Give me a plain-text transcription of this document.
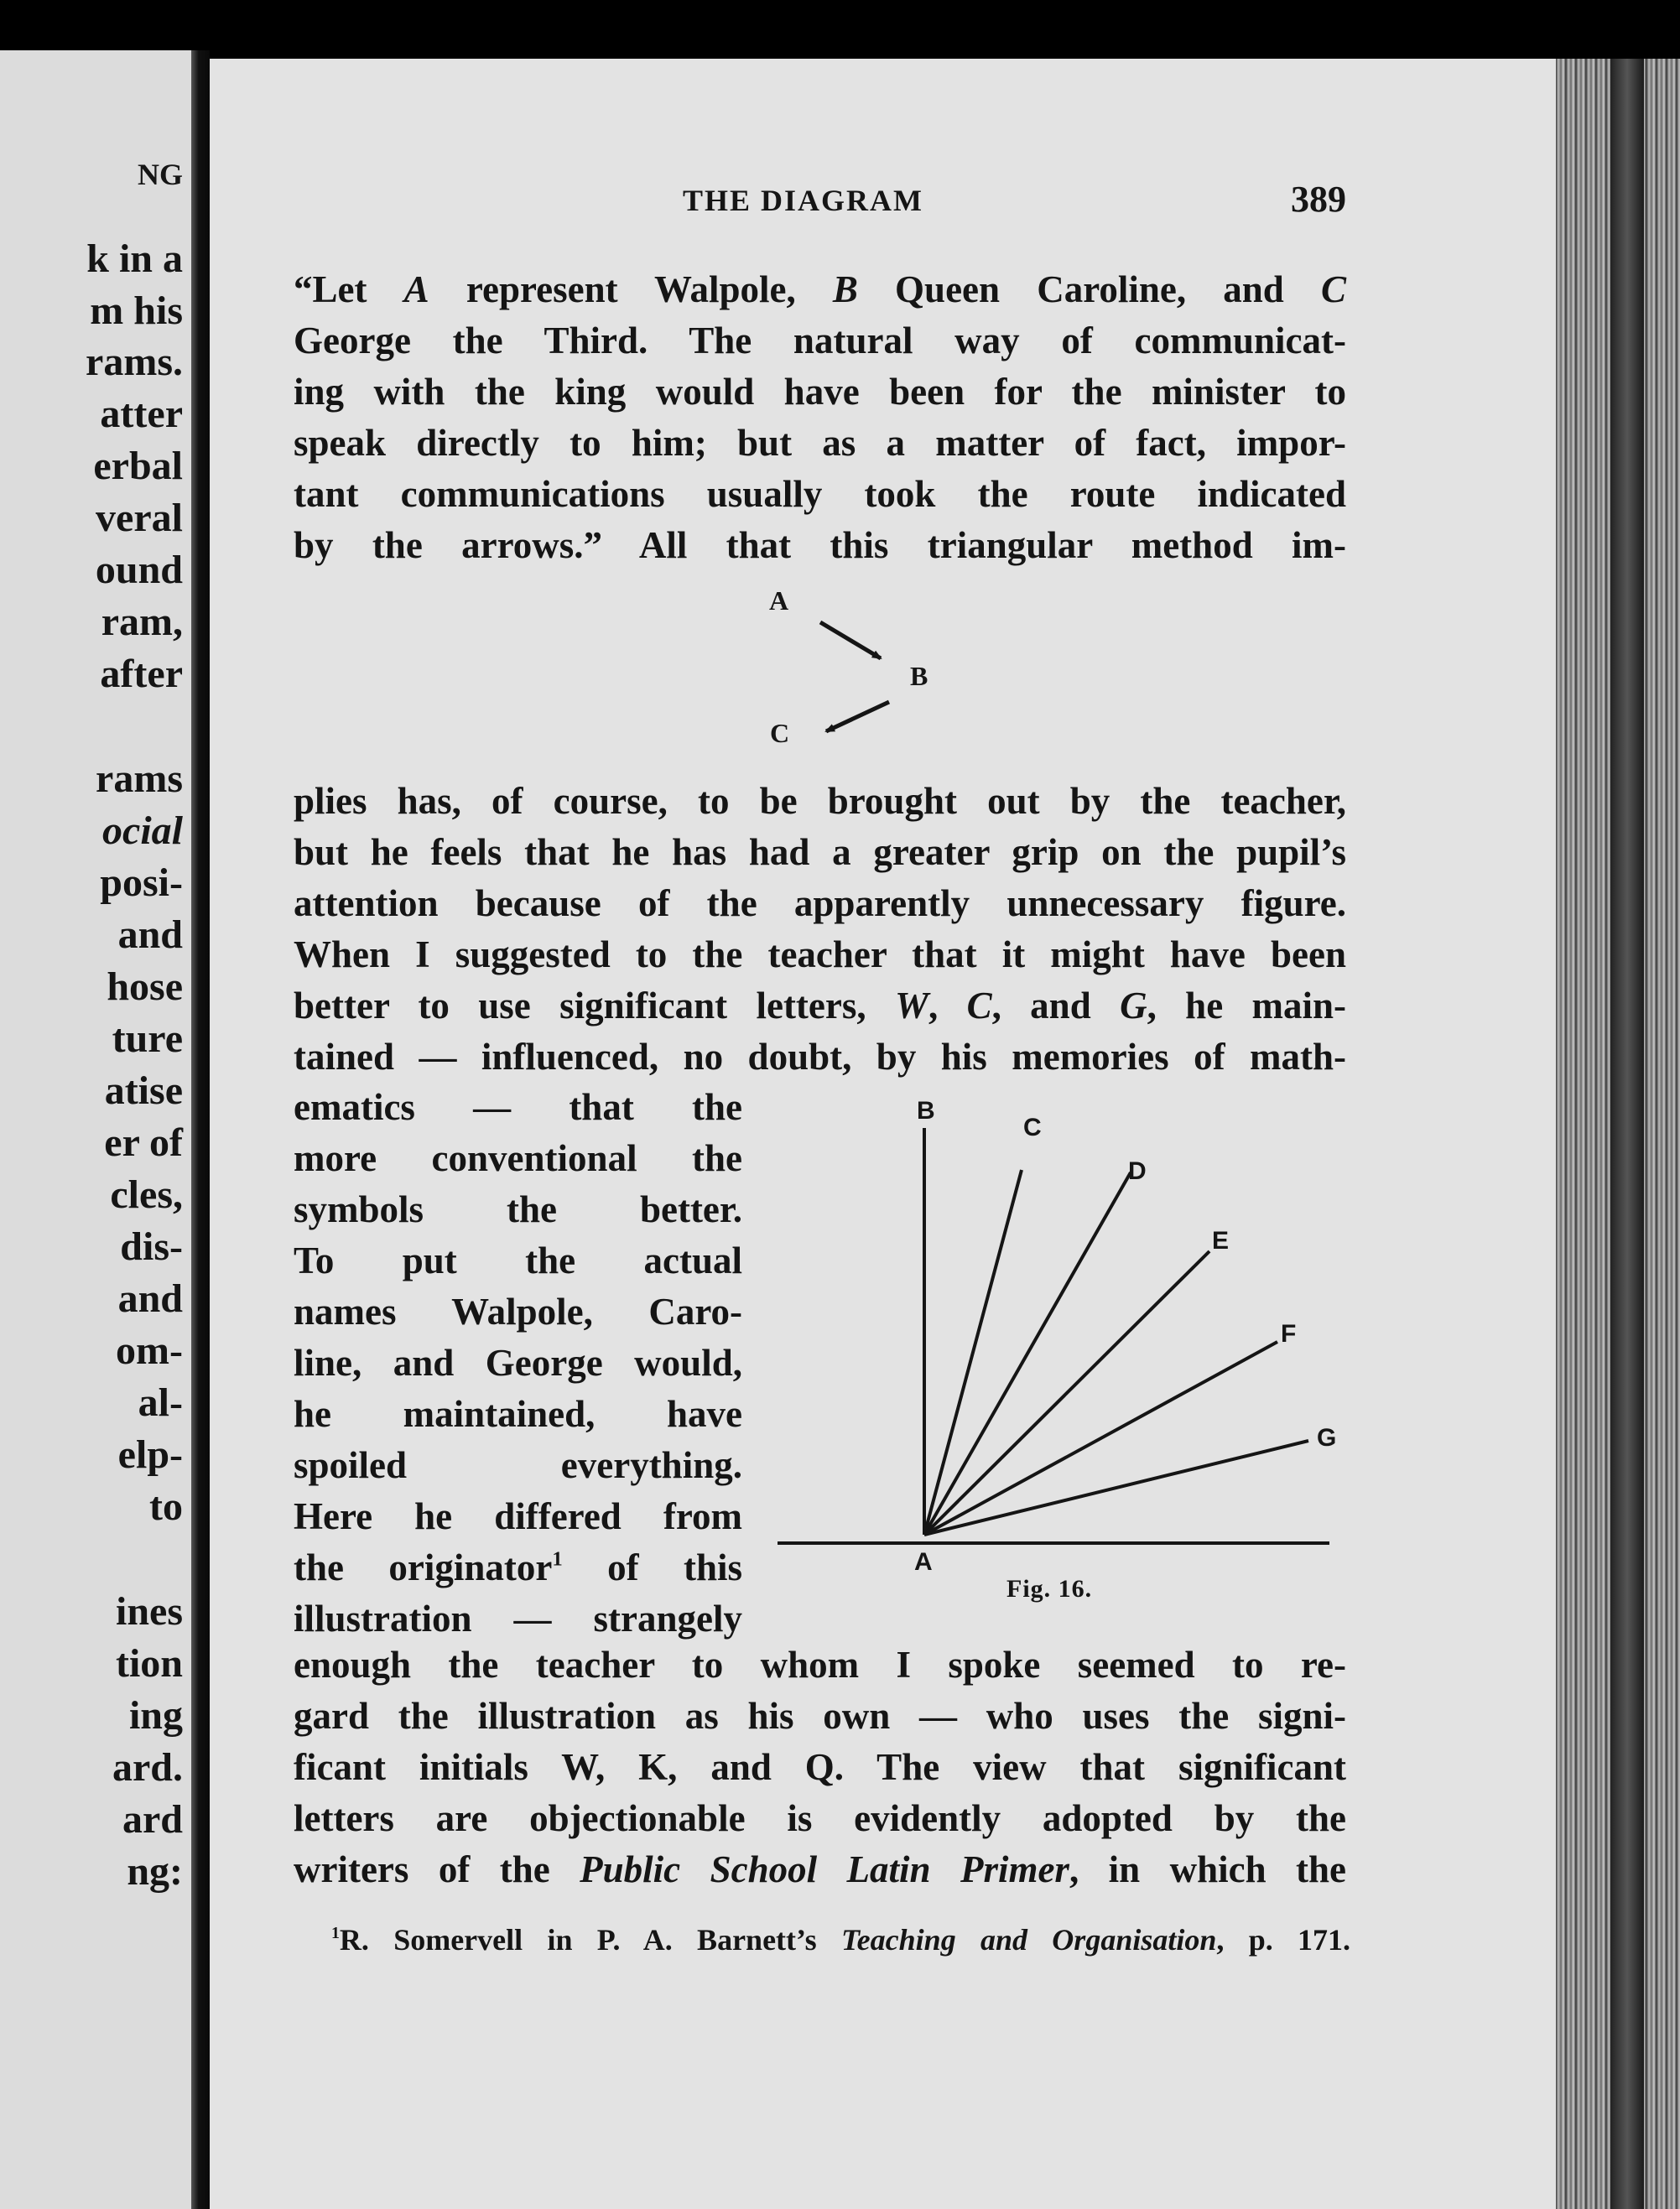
NG
k in a
m his
rams.
atter
erbal
veral
ound
ram,
after
rams
ocial
posi-
and
hose
ture
atise
er of
cles,
dis-
and
om-
al-
elp-
to
ines
tion
ing
ard.
ard
ng:
THE DIAGRAM	389
“Let A represent Walpole, B Queen Caroline, and C
George the Third. The natural way of communicat-
ing with the king would have been for the minister to
speak directly to him; but as a matter of fact, impor-
tant communications usually took the route indicated
by the arrows.” All that this triangular method im-
plies has, of course, to be brought out by the teacher,
but he feels that he has had a greater grip on the pupil’s
attention because of the apparently unnecessary figure.
When I suggested to the teacher that it might have been
better to use significant letters, W, C, and G, he main-
tained — influenced, no doubt, by his memories of math-
ematics — that the
more conventional the
symbols the better.
To put the actual
names Walpole, Caro-
line, and George would,
he maintained, have
spoiled everything.
Here he differed from
the originator$^1$ of this
illustration — strangely
enough the teacher to whom I spoke seemed to re-
gard the illustration as his own — who uses the signi-
ficant initials W, K, and Q. The view that significant
letters are objectionable is evidently adopted by the
writers of the Public School Latin Primer, in which the
A
B
C
B
C
D
E
F
G
A
Fig. 16.
$^1$R. Somervell in P. A. Barnett’s Teaching and Organisation, p. 171.
